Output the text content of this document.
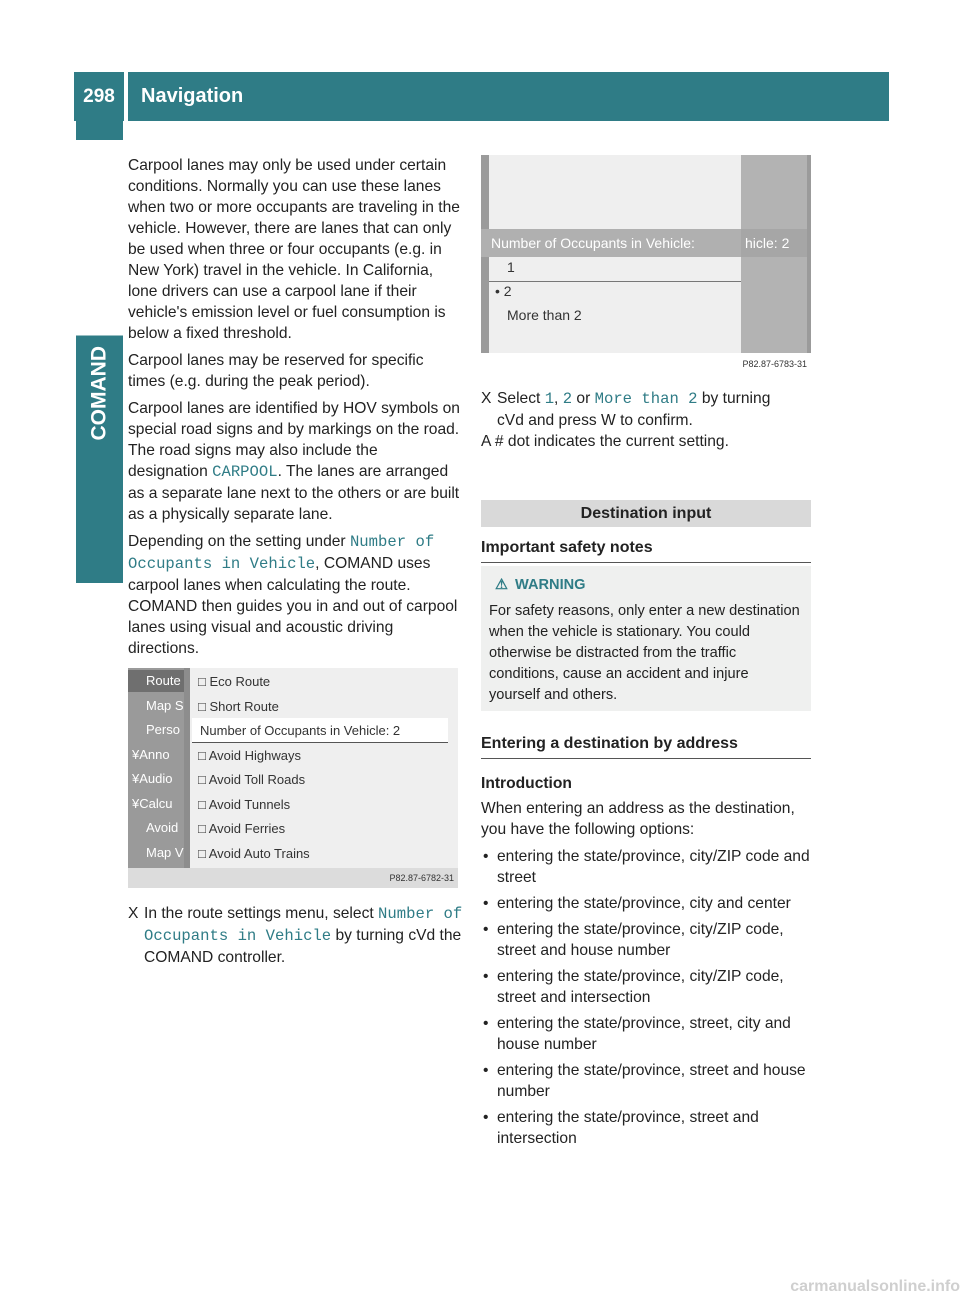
298	Navigation
COMAND

Carpool lanes may only be used under certain conditions. Normally you can use these lanes when two or more occupants are traveling in the vehicle. However, there are lanes that can only be used when three or four occupants (e.g. in New York) travel in the vehicle. In California, lone drivers can use a carpool lane if their vehicle's emission level or fuel consumption is below a fixed threshold.

Carpool lanes may be reserved for specific times (e.g. during the peak period).

Carpool lanes are identified by HOV symbols on special road signs and by markings on the road. The road signs may also include the designation CARPOOL. The lanes are arranged as a separate lane next to the others or are built as a physically separate lane.

Depending on the setting under Number of Occupants in Vehicle, COMAND uses carpool lanes when calculating the route. COMAND then guides you in and out of carpool lanes using visual and acoustic driving directions.

Route
Map S
Perso
¥Anno
¥Audio
¥Calcu
Avoid
Map V
□ Eco Route
□ Short Route
Number of Occupants in Vehicle: 2
□ Avoid Highways
□ Avoid Toll Roads
□ Avoid Tunnels
□ Avoid Ferries
□ Avoid Auto Trains
P82.87-6782-31
X In the route settings menu, select Number of Occupants in Vehicle by turning cVd the COMAND controller.
1
• 2
More than 2
Number of Occupants in Vehicle:	hicle: 2
P82.87-6783-31
X Select 1, 2 or More than 2 by turning
cVd and press W to confirm.
A # dot indicates the current setting.
Destination input
Important safety notes
⚠ WARNING
For safety reasons, only enter a new destination when the vehicle is stationary. You could otherwise be distracted from the traffic conditions, cause an accident and injure yourself and others.
Entering a destination by address
Introduction

When entering an address as the destination, you have the following options:

• entering the state/province, city/ZIP code and street
• entering the state/province, city and center
• entering the state/province, city/ZIP code, street and house number
• entering the state/province, city/ZIP code, street and intersection
• entering the state/province, street, city and house number
• entering the state/province, street and house number
• entering the state/province, street and intersection
carmanualsonline.info
